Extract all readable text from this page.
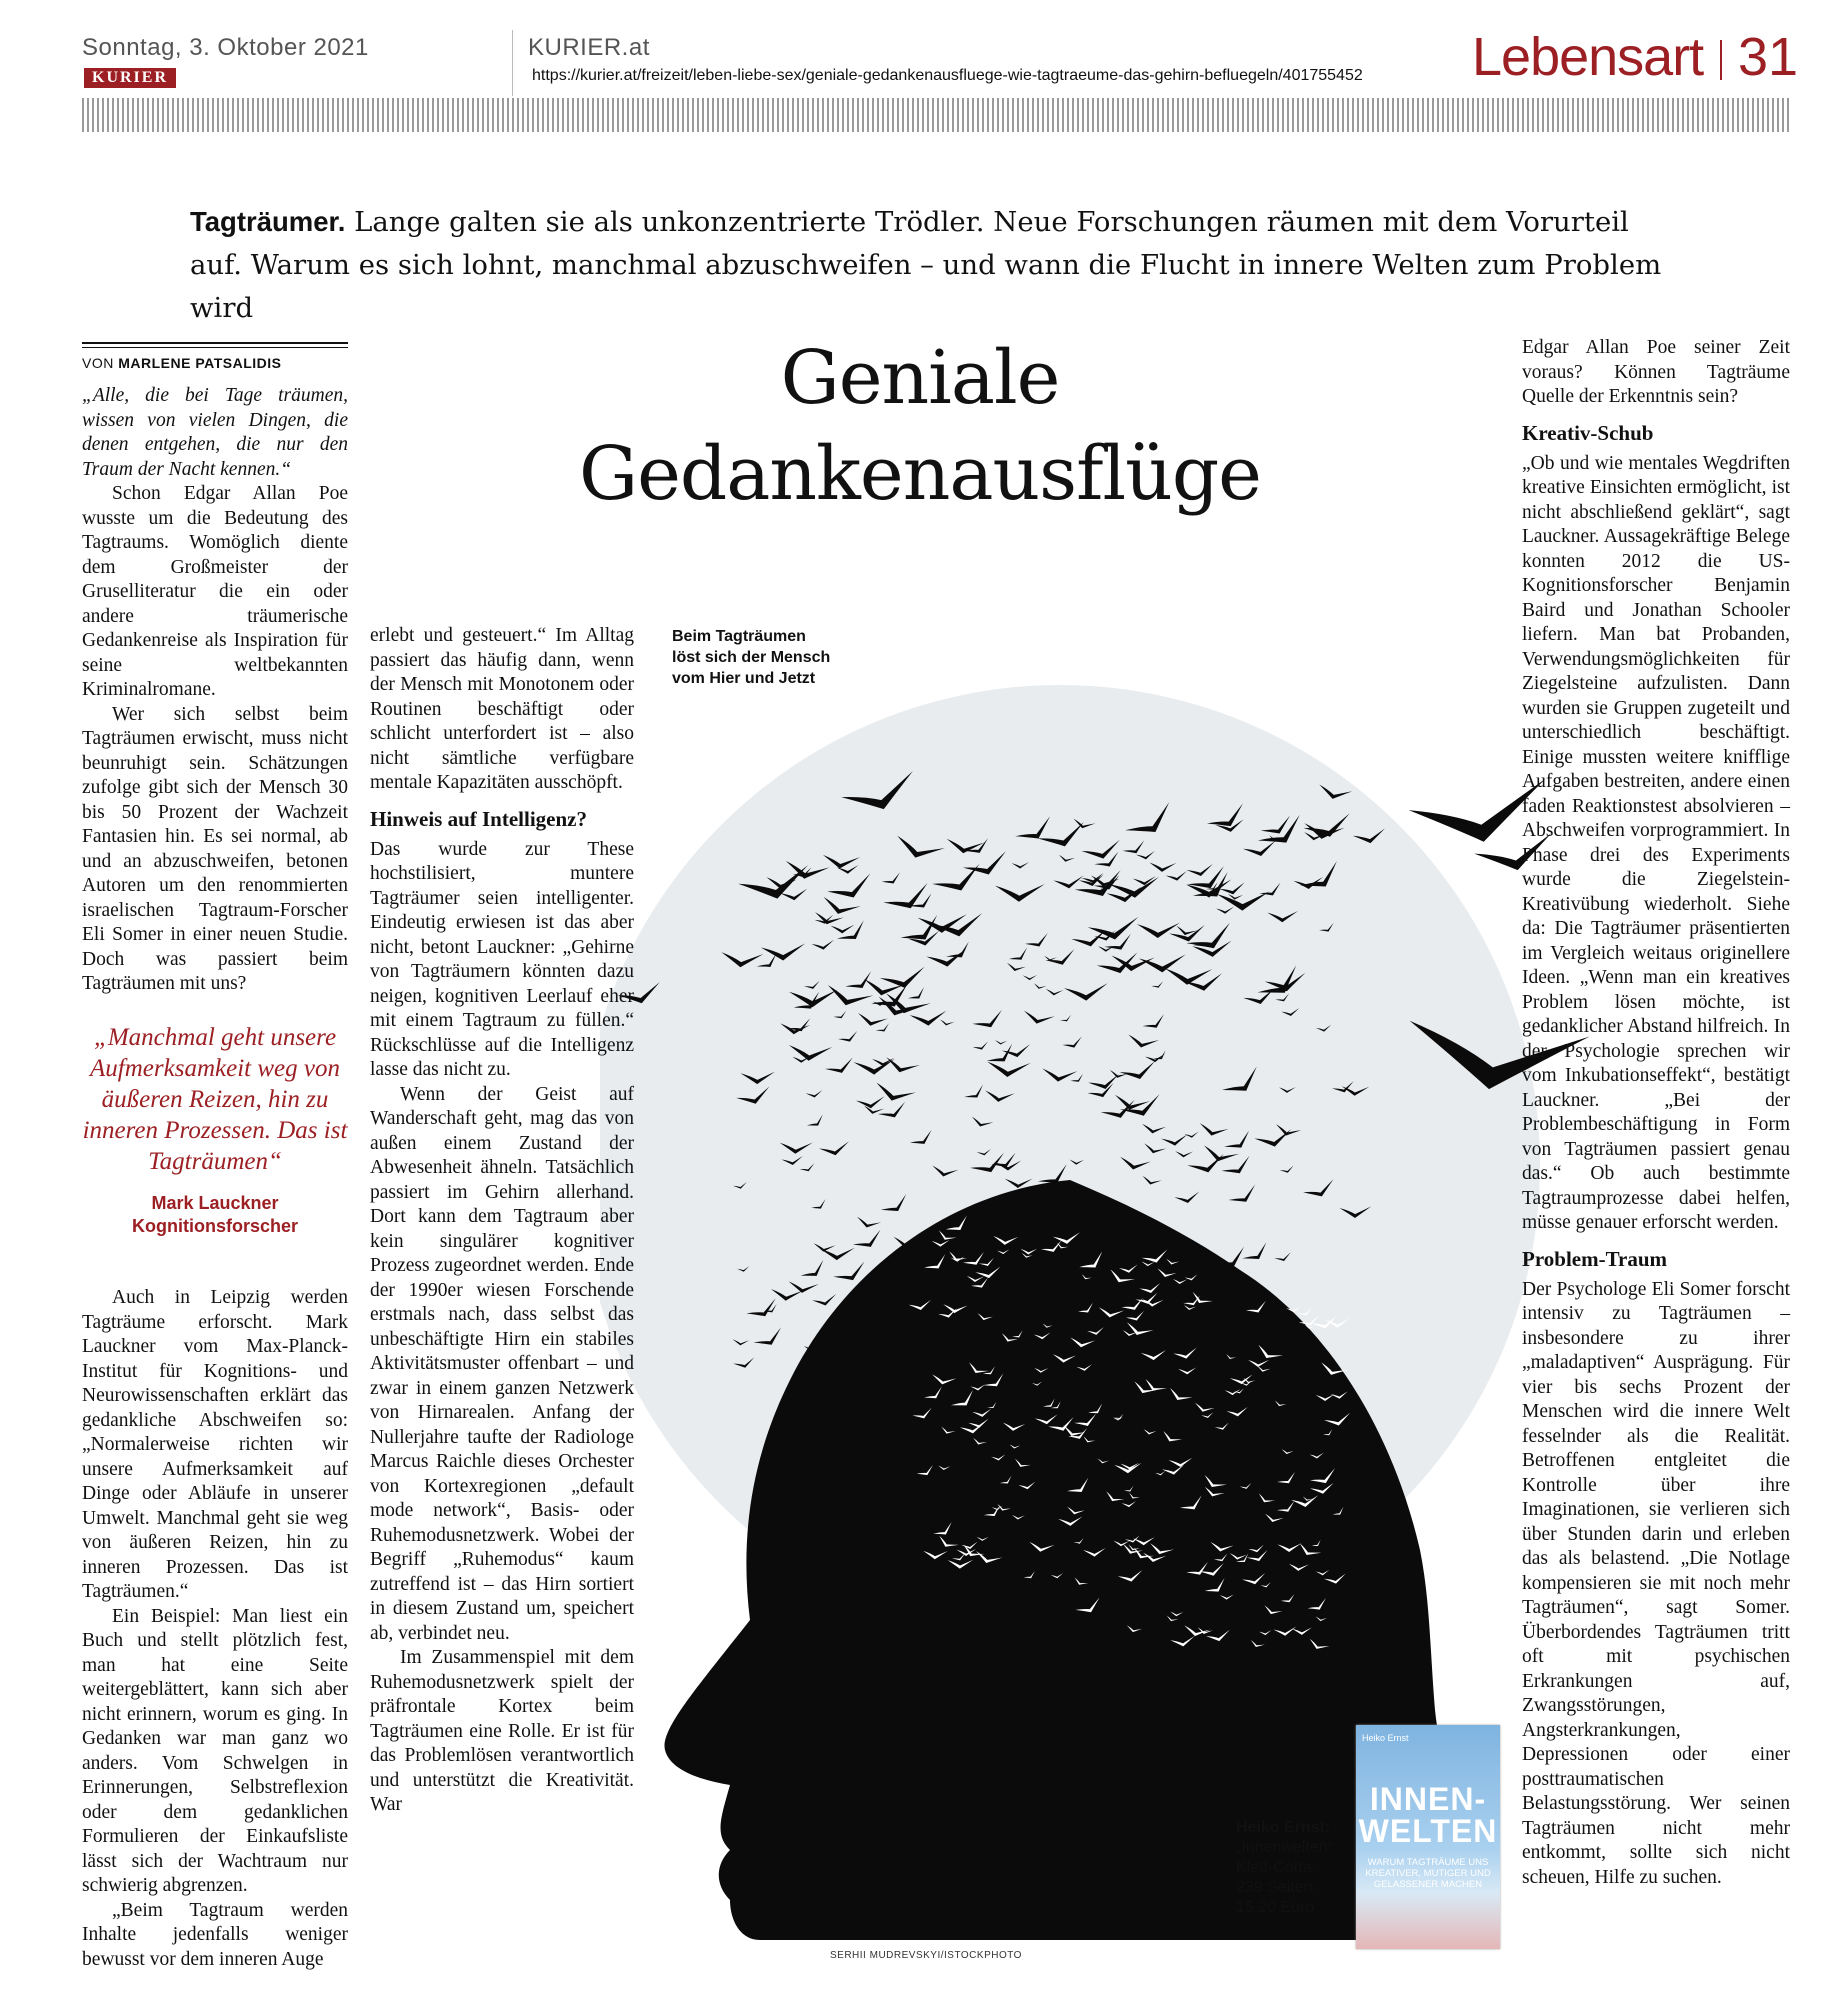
Sonntag, 3. Oktober 2021
KURIER
KURIER.at
https://kurier.at/freizeit/leben-liebe-sex/geniale-gedankenausfluege-wie-tagtraeume-das-gehirn-befluegeln/401755452 Lebensart 31
Tagträumer. Lange galten sie als unkonzentrierte Trödler. Neue Forschungen räumen mit dem Vorurteil auf. Warum es sich lohnt, manchmal abzuschweifen – und wann die Flucht in innere Welten zum Problem wird
Beim Tagträumen löst sich der Mensch vom Hier und Jetzt
SERHII MUDREVSKYI/ISTOCKPHOTO
Geniale
Gedankenausflüge
VON MARLENE PATSALIDIS

„Alle, die bei Tage träumen, wissen von vielen Dingen, die denen entgehen, die nur den Traum der Nacht kennen.“

Schon Edgar Allan Poe wusste um die Bedeutung des Tagtraums. Womöglich diente dem Großmeister der Gruselliteratur die ein oder andere träumerische Gedankenreise als Inspiration für seine weltbekannten Kriminalromane.

Wer sich selbst beim Tagträumen erwischt, muss nicht beunruhigt sein. Schätzungen zufolge gibt sich der Mensch 30 bis 50 Prozent der Wachzeit Fantasien hin. Es sei normal, ab und an abzuschweifen, betonen Autoren um den renommierten israelischen Tagtraum-Forscher Eli Somer in einer neuen Studie. Doch was passiert beim Tagträumen mit uns?

„Manchmal geht unsere Aufmerksamkeit weg von äußeren Reizen, hin zu inneren Prozessen. Das ist Tagträumen“
Mark Lauckner
Kognitionsforscher

Auch in Leipzig werden Tagträume erforscht. Mark Lauckner vom Max-Planck-Institut für Kognitions- und Neurowissenschaften erklärt das gedankliche Abschweifen so: „Normalerweise richten wir unsere Aufmerksamkeit auf Dinge oder Abläufe in unserer Umwelt. Manchmal geht sie weg von äußeren Reizen, hin zu inneren Prozessen. Das ist Tagträumen.“

Ein Beispiel: Man liest ein Buch und stellt plötzlich fest, man hat eine Seite weitergeblättert, kann sich aber nicht erinnern, worum es ging. In Gedanken war man ganz wo anders. Vom Schwelgen in Erinnerungen, Selbstreflexion oder dem gedanklichen Formulieren der Einkaufsliste lässt sich der Wachtraum nur schwierig abgrenzen.

„Beim Tagtraum werden Inhalte jedenfalls weniger bewusst vor dem inneren Auge

erlebt und gesteuert.“ Im Alltag passiert das häufig dann, wenn der Mensch mit Monotonem oder Routinen beschäftigt oder schlicht unterfordert ist – also nicht sämtliche verfügbare mentale Kapazitäten ausschöpft.

Hinweis auf Intelligenz?

Das wurde zur These hochstilisiert, muntere Tagträumer seien intelligenter. Eindeutig erwiesen ist das aber nicht, betont Lauckner: „Gehirne von Tagträumern könnten dazu neigen, kognitiven Leerlauf eher mit einem Tagtraum zu füllen.“ Rückschlüsse auf die Intelligenz lasse das nicht zu.

Wenn der Geist auf Wanderschaft geht, mag das von außen einem Zustand der Abwesenheit ähneln. Tatsächlich passiert im Gehirn allerhand. Dort kann dem Tagtraum aber kein singulärer kognitiver Prozess zugeordnet werden. Ende der 1990er wiesen Forschende erstmals nach, dass selbst das unbeschäftigte Hirn ein stabiles Aktivitätsmuster offenbart – und zwar in einem ganzen Netzwerk von Hirnarealen. Anfang der Nullerjahre taufte der Radiologe Marcus Raichle dieses Orchester von Kortexregionen „default mode network“, Basis- oder Ruhemodusnetzwerk. Wobei der Begriff „Ruhemodus“ kaum zutreffend ist – das Hirn sortiert in diesem Zustand um, speichert ab, verbindet neu.

Im Zusammenspiel mit dem Ruhemodusnetzwerk spielt der präfrontale Kortex beim Tagträumen eine Rolle. Er ist für das Problemlösen verantwortlich und unterstützt die Kreativität. War

Edgar Allan Poe seiner Zeit voraus? Können Tagträume Quelle der Erkenntnis sein?

Kreativ-Schub

„Ob und wie mentales Wegdriften kreative Einsichten ermöglicht, ist nicht abschließend geklärt“, sagt Lauckner. Aussagekräftige Belege konnten 2012 die US-Kognitionsforscher Benjamin Baird und Jonathan Schooler liefern. Man bat Probanden, Verwendungsmöglichkeiten für Ziegelsteine aufzulisten. Dann wurden sie Gruppen zugeteilt und unterschiedlich beschäftigt. Einige mussten weitere knifflige Aufgaben bestreiten, andere einen faden Reaktionstest absolvieren – Abschweifen vorprogrammiert. In Phase drei des Experiments wurde die Ziegelstein-Kreativübung wiederholt. Siehe da: Die Tagträumer präsentierten im Vergleich weitaus originellere Ideen. „Wenn man ein kreatives Problem lösen möchte, ist gedanklicher Abstand hilfreich. In der Psychologie sprechen wir vom Inkubationseffekt“, bestätigt Lauckner. „Bei der Problembeschäftigung in Form von Tagträumen passiert genau das.“ Ob auch bestimmte Tagtraumprozesse dabei helfen, müsse genauer erforscht werden.

Problem-Traum

Der Psychologe Eli Somer forscht intensiv zu Tagträumen – insbesondere zu ihrer „maladaptiven“ Ausprägung. Für vier bis sechs Prozent der Menschen wird die innere Welt fesselnder als die Realität. Betroffenen entgleitet die Kontrolle über ihre Imaginationen, sie verlieren sich über Stunden darin und erleben das als belastend. „Die Notlage kompensieren sie mit noch mehr Tagträumen“, sagt Somer. Überbordendes Tagträumen tritt oft mit psychischen Erkrankungen auf, Zwangsstörungen, Angsterkrankungen, Depressionen oder einer posttraumatischen Belastungsstörung. Wer seinen Tagträumen nicht mehr entkommt, sollte sich nicht scheuen, Hilfe zu suchen.

Heiko Ernst:
„Innenwelten“
Klett-Cotta.
239 Seiten.
15,20 Euro
Heiko Ernst
INNEN-
WELTEN
WARUM TAGTRÄUME UNS KREATIVER, MUTIGER UND GELASSENER MACHEN
